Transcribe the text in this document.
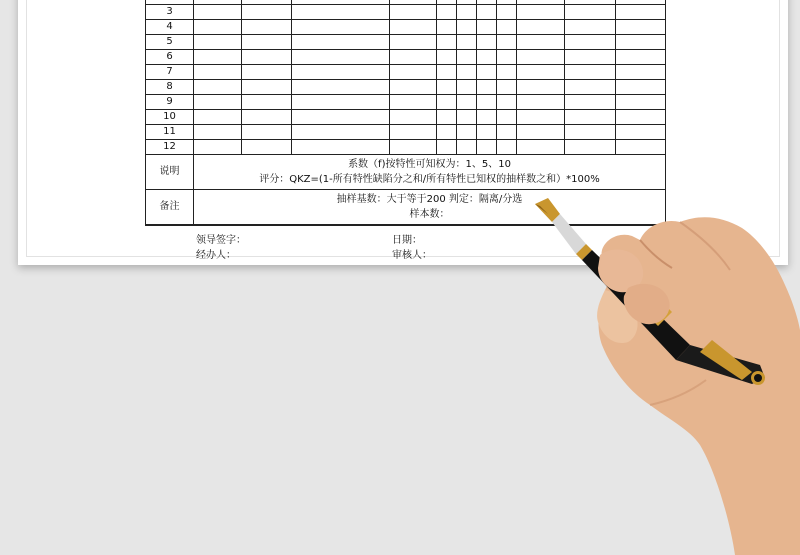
3											
4											
5											
6											
7											
8											
9											
10											
11											
12											
说明	系数（f)按特性可知权为：1、5、10
评分：QKZ=(1-所有特性缺陷分之和/所有特性已知权的抽样数之和）*100%										

备注	抽样基数：大于等于200 判定：隔离/分选
样本数：										
领导签字：	日期：
经办人：	审核人：
